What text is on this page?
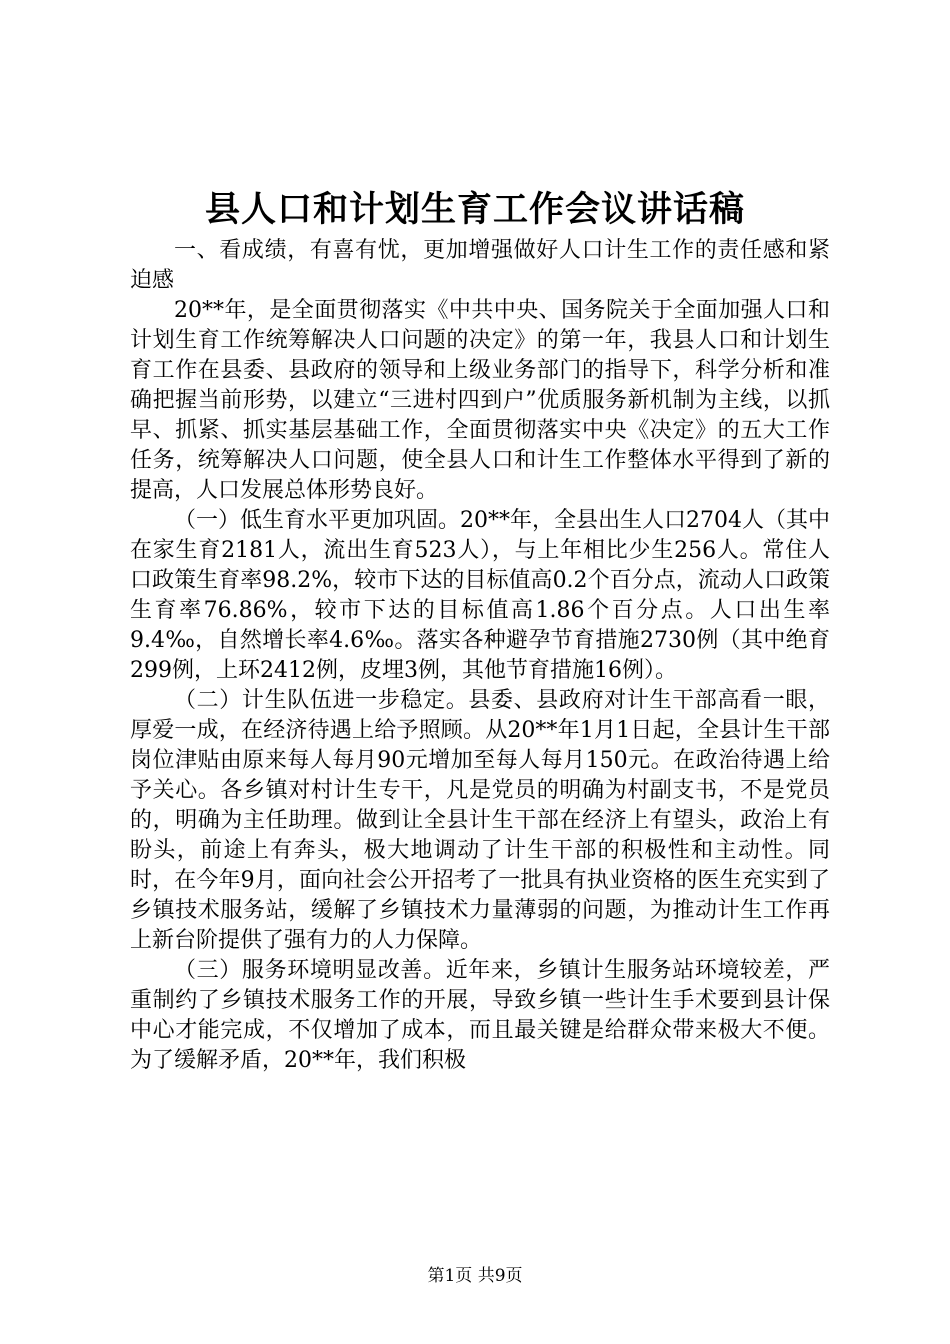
县人口和计划生育工作会议讲话稿

一、看成绩，有喜有忧，更加增强做好人口计生工作的责任感和紧迫感

20**年，是全面贯彻落实《中共中央、国务院关于全面加强人口和计划生育工作统筹解决人口问题的决定》的第一年，我县人口和计划生育工作在县委、县政府的领导和上级业务部门的指导下，科学分析和准确把握当前形势，以建立“三进村四到户”优质服务新机制为主线，以抓早、抓紧、抓实基层基础工作，全面贯彻落实中央《决定》的五大工作任务，统筹解决人口问题，使全县人口和计生工作整体水平得到了新的提高，人口发展总体形势良好。

（一）低生育水平更加巩固。20**年，全县出生人口2704人（其中在家生育2181人，流出生育523人），与上年相比少生256人。常住人口政策生育率98.2%，较市下达的目标值高0.2个百分点，流动人口政策生育率76.86%，较市下达的目标值高1.86个百分点。人口出生率9.4‰，自然增长率4.6‰。落实各种避孕节育措施2730例（其中绝育299例，上环2412例，皮埋3例，其他节育措施16例）。

（二）计生队伍进一步稳定。县委、县政府对计生干部高看一眼，厚爱一成，在经济待遇上给予照顾。从20**年1月1日起，全县计生干部岗位津贴由原来每人每月90元增加至每人每月150元。在政治待遇上给予关心。各乡镇对村计生专干，凡是党员的明确为村副支书，不是党员的，明确为主任助理。做到让全县计生干部在经济上有望头，政治上有盼头，前途上有奔头，极大地调动了计生干部的积极性和主动性。同时，在今年9月，面向社会公开招考了一批具有执业资格的医生充实到了乡镇技术服务站，缓解了乡镇技术力量薄弱的问题，为推动计生工作再上新台阶提供了强有力的人力保障。

（三）服务环境明显改善。近年来，乡镇计生服务站环境较差，严重制约了乡镇技术服务工作的开展，导致乡镇一些计生手术要到县计保中心才能完成，不仅增加了成本，而且最关键是给群众带来极大不便。为了缓解矛盾，20**年，我们积极

第1页 共9页
